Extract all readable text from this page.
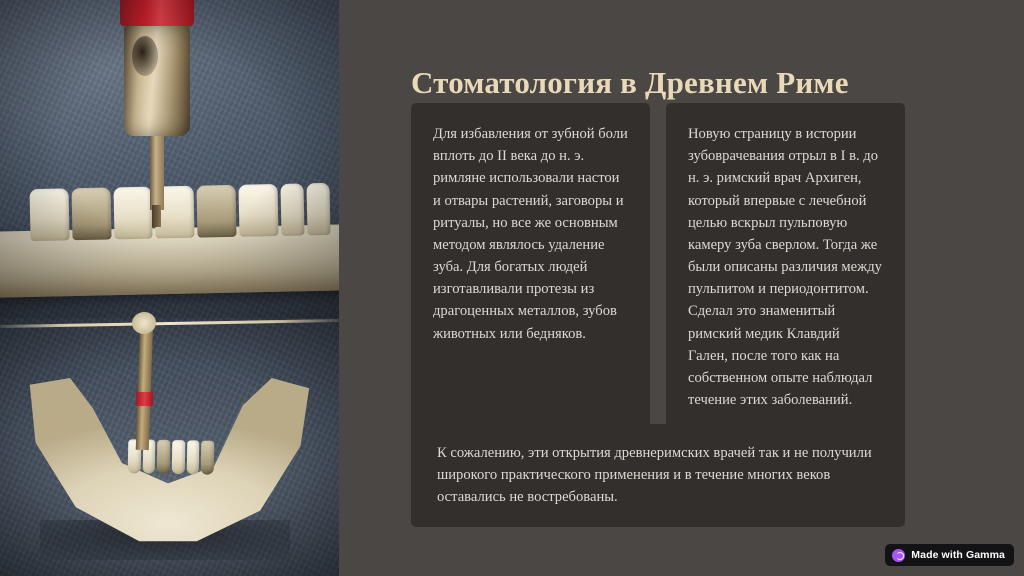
Стоматология в Древнем Риме

Для избавления от зубной боли вплоть до II века до н. э. римляне использовали настои и отвары растений, заговоры и ритуалы, но все же основным методом являлось удаление зуба. Для богатых людей изготавливали протезы из драгоценных металлов, зубов животных или бедняков.

Новую страницу в истории зубоврачевания отрыл в I в. до н. э. римский врач Архиген, который впервые с лечебной целью вскрыл пульповую камеру зуба сверлом. Тогда же были описаны различия между пульпитом и периодонтитом. Сделал это знаменитый римский медик Клавдий Гален, после того как на собственном опыте наблюдал течение этих заболеваний.

К сожалению, эти открытия древнеримских врачей так и не получили широкого практического применения и в течение многих веков оставались не востребованы.

Made with Gamma
